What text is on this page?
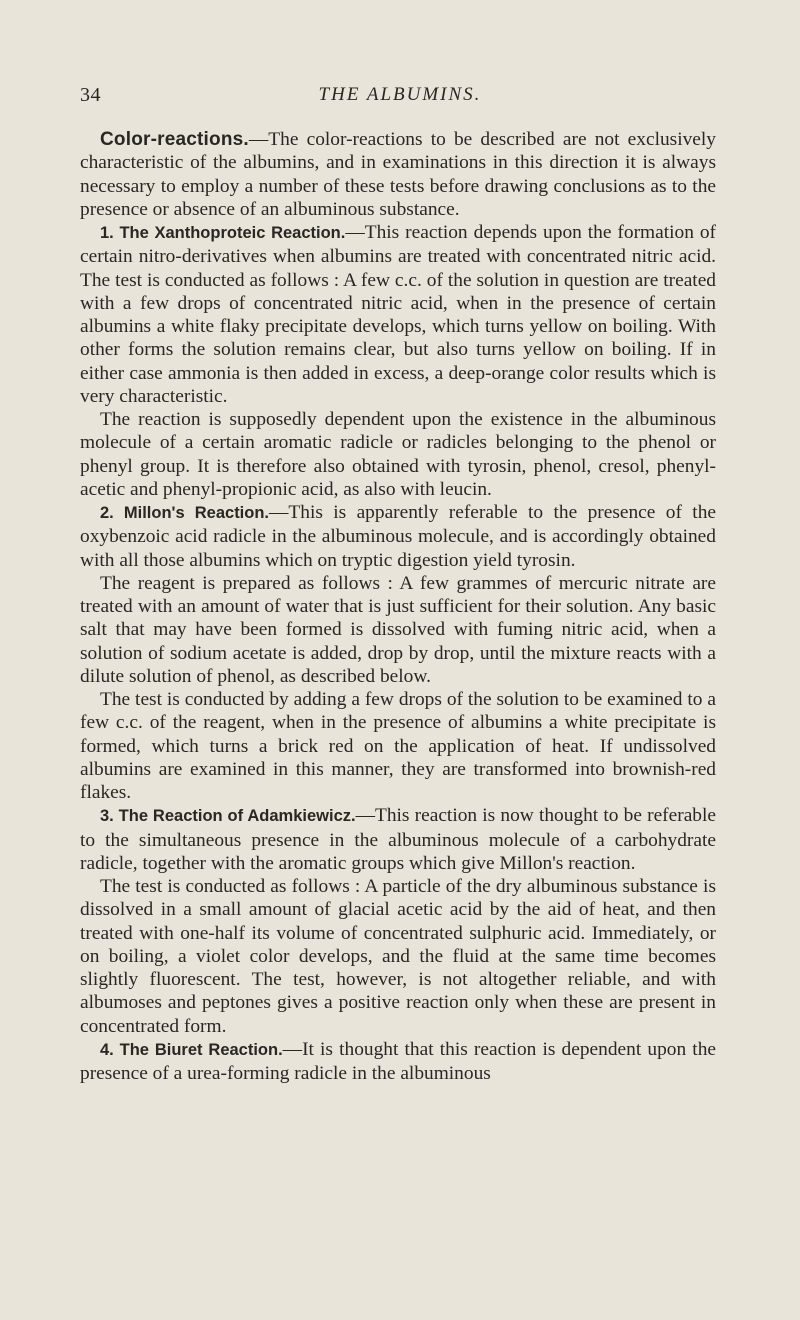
34	THE ALBUMINS.

Color-reactions.—The color-reactions to be described are not exclusively characteristic of the albumins, and in examinations in this direction it is always necessary to employ a number of these tests before drawing conclusions as to the presence or absence of an albuminous substance.

1. The Xanthoproteic Reaction.—This reaction depends upon the formation of certain nitro-derivatives when albumins are treated with concentrated nitric acid. The test is conducted as follows : A few c.c. of the solution in question are treated with a few drops of concentrated nitric acid, when in the presence of certain albumins a white flaky precipitate develops, which turns yellow on boiling. With other forms the solution remains clear, but also turns yellow on boiling. If in either case ammonia is then added in excess, a deep-orange color results which is very characteristic.

The reaction is supposedly dependent upon the existence in the albuminous molecule of a certain aromatic radicle or radicles belonging to the phenol or phenyl group. It is therefore also obtained with tyrosin, phenol, cresol, phenyl-acetic and phenyl-propionic acid, as also with leucin.

2. Millon's Reaction.—This is apparently referable to the presence of the oxybenzoic acid radicle in the albuminous molecule, and is accordingly obtained with all those albumins which on tryptic digestion yield tyrosin.

The reagent is prepared as follows : A few grammes of mercuric nitrate are treated with an amount of water that is just sufficient for their solution. Any basic salt that may have been formed is dissolved with fuming nitric acid, when a solution of sodium acetate is added, drop by drop, until the mixture reacts with a dilute solution of phenol, as described below.

The test is conducted by adding a few drops of the solution to be examined to a few c.c. of the reagent, when in the presence of albumins a white precipitate is formed, which turns a brick red on the application of heat. If undissolved albumins are examined in this manner, they are transformed into brownish-red flakes.

3. The Reaction of Adamkiewicz.—This reaction is now thought to be referable to the simultaneous presence in the albuminous molecule of a carbohydrate radicle, together with the aromatic groups which give Millon's reaction.

The test is conducted as follows : A particle of the dry albuminous substance is dissolved in a small amount of glacial acetic acid by the aid of heat, and then treated with one-half its volume of concentrated sulphuric acid. Immediately, or on boiling, a violet color develops, and the fluid at the same time becomes slightly fluorescent. The test, however, is not altogether reliable, and with albumoses and peptones gives a positive reaction only when these are present in concentrated form.

4. The Biuret Reaction.—It is thought that this reaction is dependent upon the presence of a urea-forming radicle in the albuminous
